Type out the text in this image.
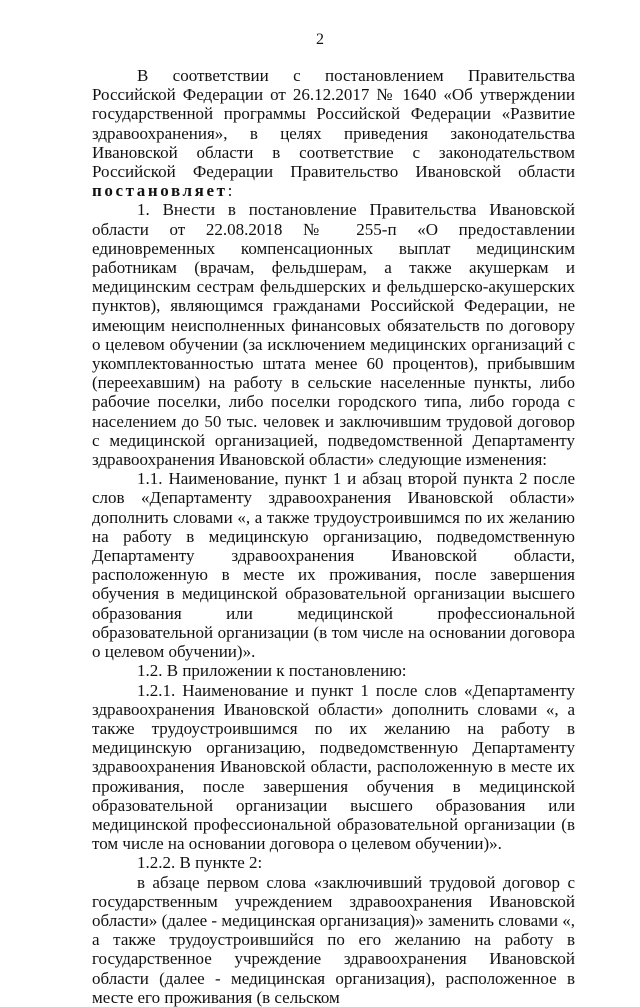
2

В соответствии с постановлением Правительства Российской Федерации от 26.12.2017 № 1640 «Об утверждении государственной программы Российской Федерации «Развитие здравоохранения», в целях приведения законодательства Ивановской области в соответствие с законодательством Российской Федерации Правительство Ивановской области постановляет:

1. Внести в постановление Правительства Ивановской области от 22.08.2018 № 255-п «О предоставлении единовременных компенсационных выплат медицинским работникам (врачам, фельдшерам, а также акушеркам и медицинским сестрам фельдшерских и фельдшерско-акушерских пунктов), являющимся гражданами Российской Федерации, не имеющим неисполненных финансовых обязательств по договору о целевом обучении (за исключением медицинских организаций с укомплектованностью штата менее 60 процентов), прибывшим (переехавшим) на работу в сельские населенные пункты, либо рабочие поселки, либо поселки городского типа, либо города с населением до 50 тыс. человек и заключившим трудовой договор с медицинской организацией, подведомственной Департаменту здравоохранения Ивановской области» следующие изменения:

1.1. Наименование, пункт 1 и абзац второй пункта 2 после слов «Департаменту здравоохранения Ивановской области» дополнить словами «, а также трудоустроившимся по их желанию на работу в медицинскую организацию, подведомственную Департаменту здравоохранения Ивановской области, расположенную в месте их проживания, после завершения обучения в медицинской образовательной организации высшего образования или медицинской профессиональной образовательной организации (в том числе на основании договора о целевом обучении)».

1.2. В приложении к постановлению:

1.2.1. Наименование и пункт 1 после слов «Департаменту здравоохранения Ивановской области» дополнить словами «, а также трудоустроившимся по их желанию на работу в медицинскую организацию, подведомственную Департаменту здравоохранения Ивановской области, расположенную в месте их проживания, после завершения обучения в медицинской образовательной организации высшего образования или медицинской профессиональной образовательной организации (в том числе на основании договора о целевом обучении)».

1.2.2. В пункте 2:

в абзаце первом слова «заключивший трудовой договор с государственным учреждением здравоохранения Ивановской области» (далее - медицинская организация)» заменить словами «, а также трудоустроившийся по его желанию на работу в государственное учреждение здравоохранения Ивановской области (далее - медицинская организация), расположенное в месте его проживания (в сельском
